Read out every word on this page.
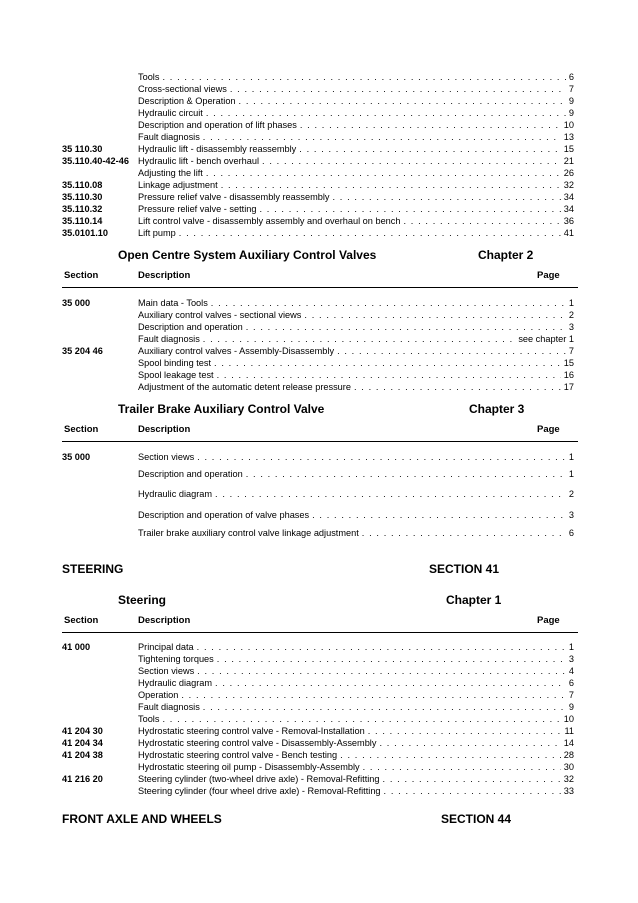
Tools . . .	6
Cross‑sectional views . . .	7
Description & Operation . . .	9
Hydraulic circuit . . .	9
Description and operation of lift phases . . .	10
Fault diagnosis . . .	13
35 110.30	Hydraulic lift ‑ disassembly reassembly . . .	15
35.110.40‑42‑46 Hydraulic lift ‑ bench overhaul . . .	21
Adjusting the lift . . .	26
35.110.08	Linkage adjustment . . .	32
35.110.30	Pressure relief valve ‑ disassembly reassembly . . .	34
35.110.32	Pressure relief valve ‑ setting . . .	34
35.110.14	Lift control valve ‑ disassembly assembly and overhaul on bench . . .	36
35.0101.10	Lift pump . . .	41
Open Centre System Auxiliary Control Valves	Chapter 2
Section	Description	Page
35 000	Main data ‑ Tools . . .	1
Auxiliary control valves ‑ sectional views . . .	2
Description and operation . . .	3
Fault diagnosis . . .	see chapter 1
35 204 46	Auxiliary control valves ‑ Assembly‑Disassembly . . .	7
Spool binding test . . .	15
Spool leakage test . . .	16
Adjustment of the automatic detent release pressure . . .	17
Trailer Brake Auxiliary Control Valve	Chapter 3
Section	Description	Page
35 000	Section views . . .	1
Description and operation . . .	1
Hydraulic diagram . . .	2
Description and operation of valve phases . . .	3
Trailer brake auxiliary control valve linkage adjustment . . .	6
STEERING	SECTION 41
Steering	Chapter 1
Section	Description	Page
41 000	Principal data . . .	1
Tightening torques . . .	3
Section views . . .	4
Hydraulic diagram . . .	6
Operation . . .	7
Fault diagnosis . . .	9
Tools . . .	10
41 204 30	Hydrostatic steering control valve ‑ Removal‑Installation . . .	11
41 204 34	Hydrostatic steering control valve ‑ Disassembly‑Assembly . . .	14
41 204 38	Hydrostatic steering control valve ‑ Bench testing . . .	28
Hydrostatic steering oil pump ‑ Disassembly‑Assembly . . .	30
41 216 20	Steering cylinder (two‑wheel drive axle) ‑ Removal‑Refitting . . .	32
Steering cylinder (four wheel drive axle) ‑ Removal‑Refitting . . .	33
FRONT AXLE AND WHEELS	SECTION 44
